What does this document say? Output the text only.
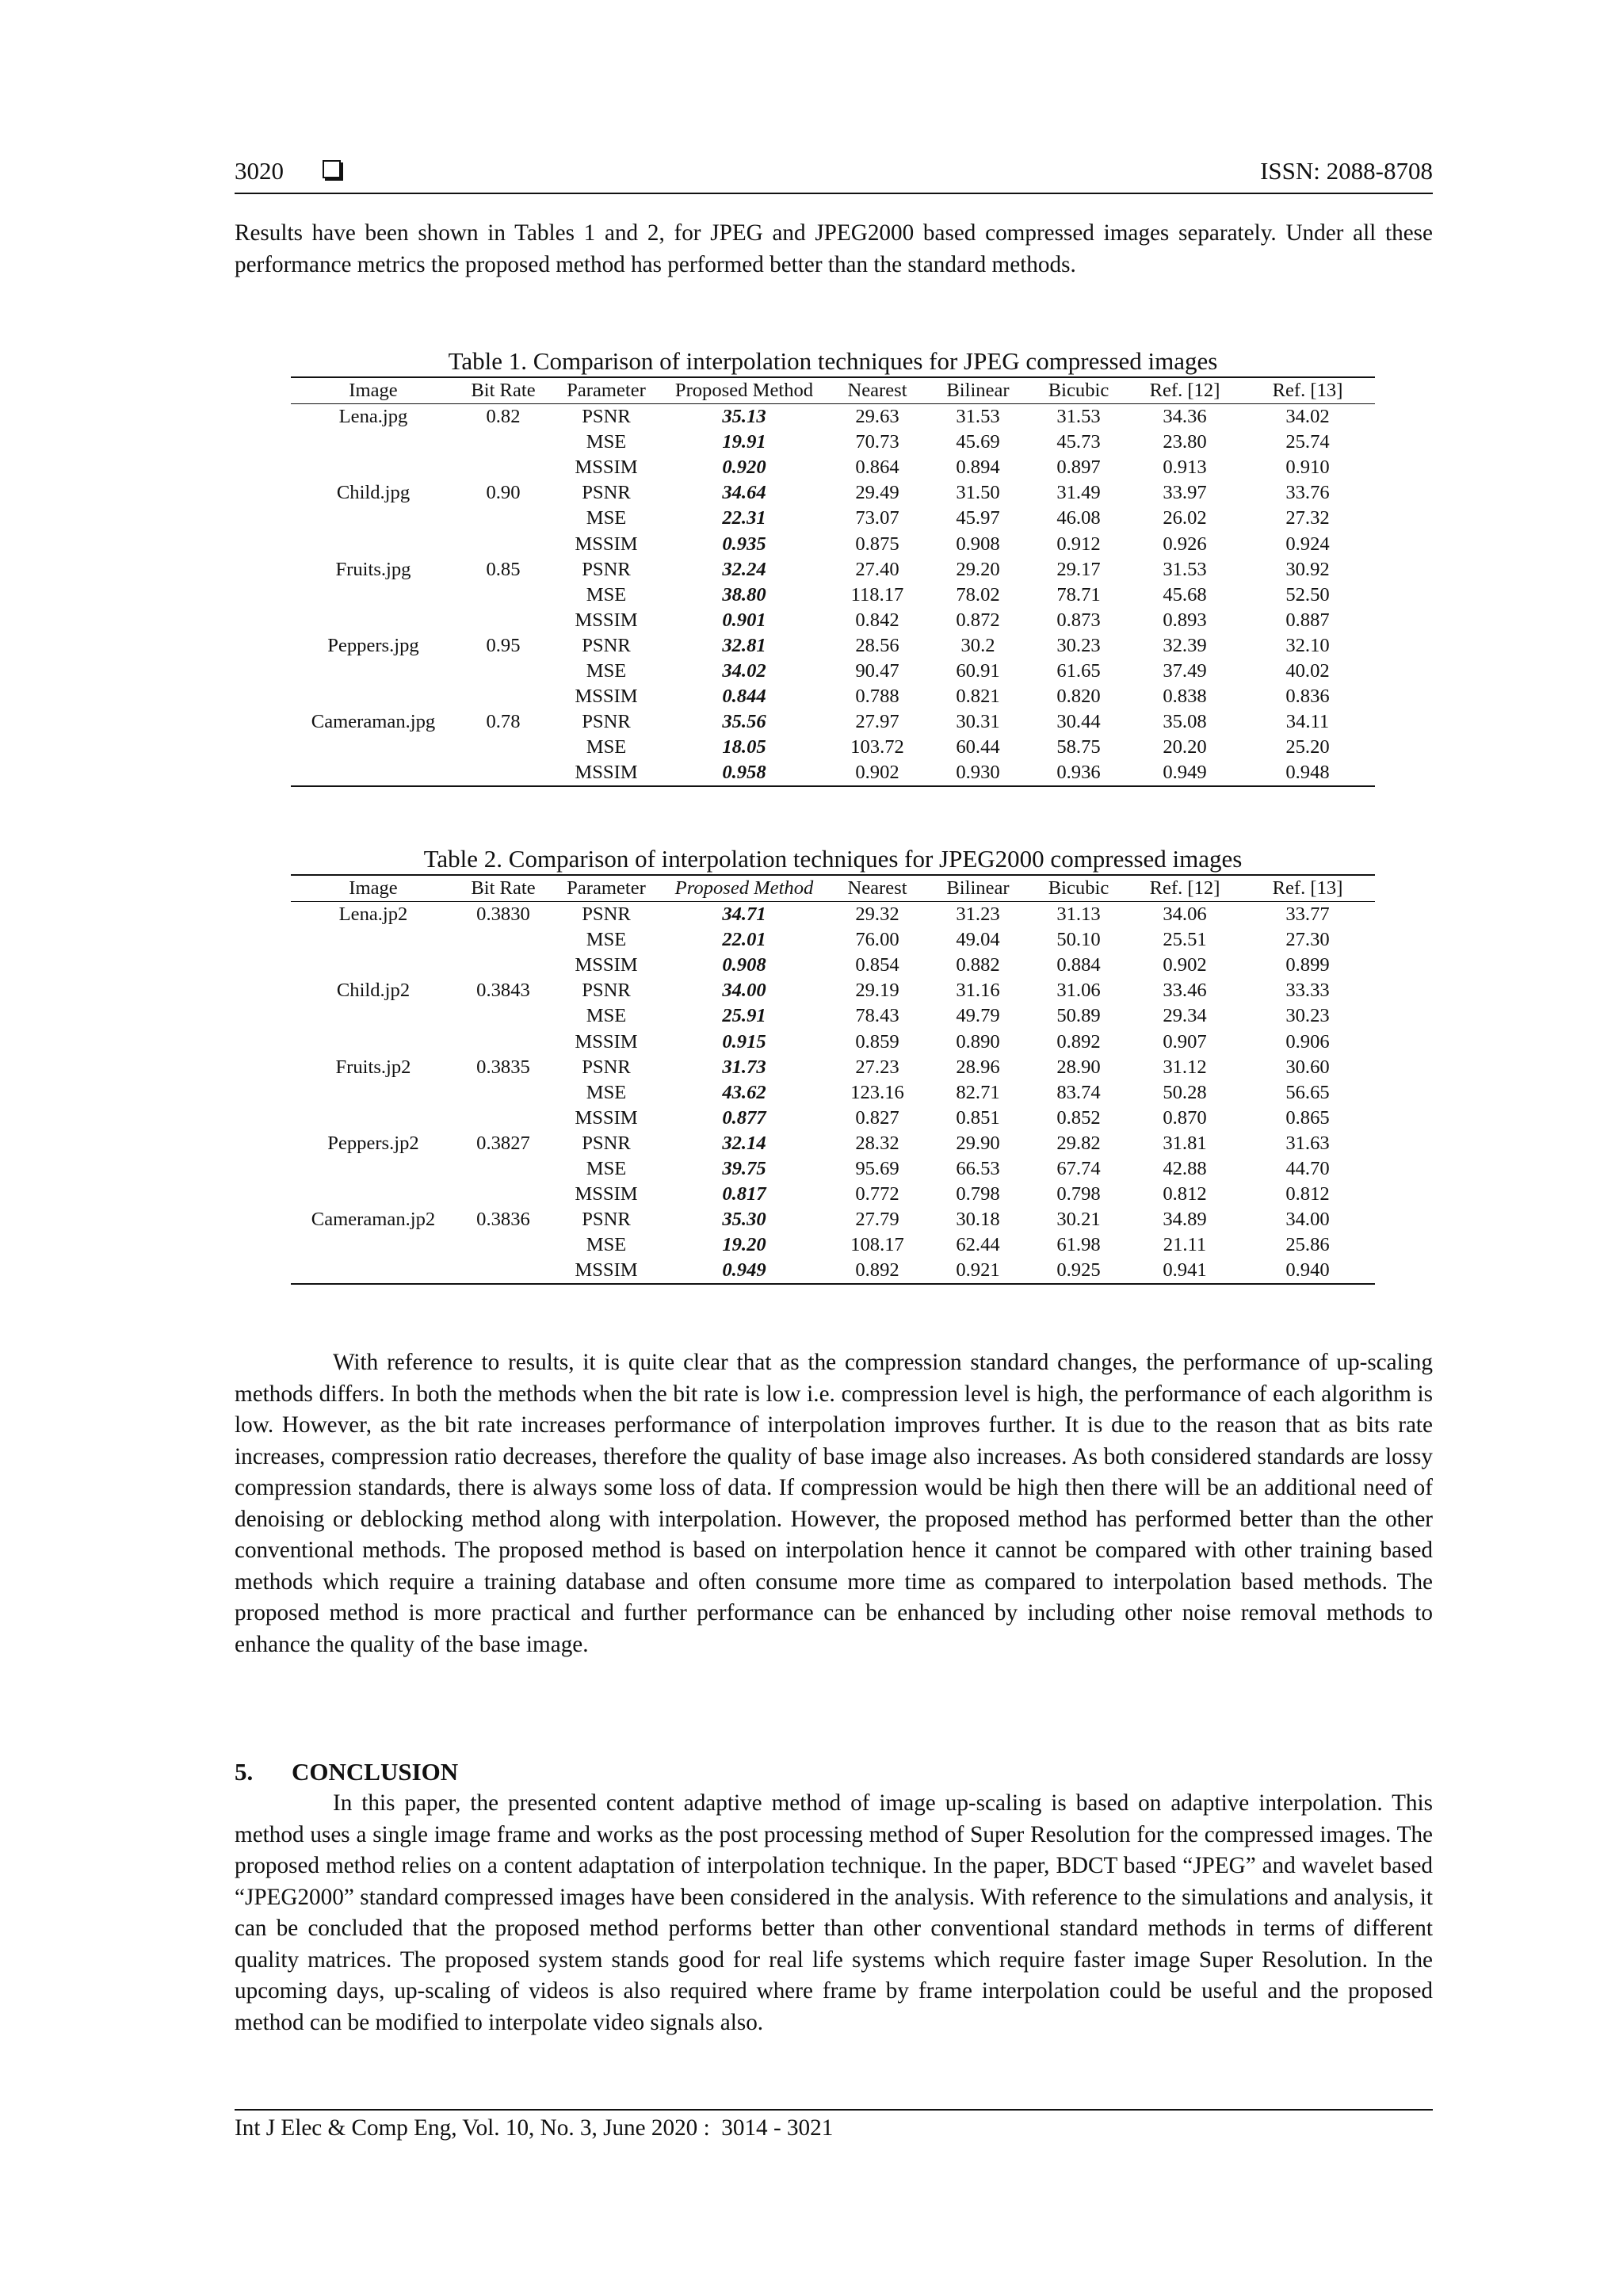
3020	ISSN: 2088-8708

Results have been shown in Tables 1 and 2, for JPEG and JPEG2000 based compressed images separately. Under all these performance metrics the proposed method has performed better than the standard methods.

Table 1. Comparison of interpolation techniques for JPEG compressed images
Image	Bit Rate	Parameter	Proposed Method	Nearest	Bilinear	Bicubic	Ref. [12]	Ref. [13]
Lena.jpg	0.82	PSNR	35.13	29.63	31.53	31.53	34.36	34.02
		MSE	19.91	70.73	45.69	45.73	23.80	25.74
		MSSIM	0.920	0.864	0.894	0.897	0.913	0.910
Child.jpg	0.90	PSNR	34.64	29.49	31.50	31.49	33.97	33.76
		MSE	22.31	73.07	45.97	46.08	26.02	27.32
		MSSIM	0.935	0.875	0.908	0.912	0.926	0.924
Fruits.jpg	0.85	PSNR	32.24	27.40	29.20	29.17	31.53	30.92
		MSE	38.80	118.17	78.02	78.71	45.68	52.50
		MSSIM	0.901	0.842	0.872	0.873	0.893	0.887
Peppers.jpg	0.95	PSNR	32.81	28.56	30.2	30.23	32.39	32.10
		MSE	34.02	90.47	60.91	61.65	37.49	40.02
		MSSIM	0.844	0.788	0.821	0.820	0.838	0.836
Cameraman.jpg	0.78	PSNR	35.56	27.97	30.31	30.44	35.08	34.11
		MSE	18.05	103.72	60.44	58.75	20.20	25.20
		MSSIM	0.958	0.902	0.930	0.936	0.949	0.948
Table 2. Comparison of interpolation techniques for JPEG2000 compressed images
Image	Bit Rate	Parameter	Proposed Method	Nearest	Bilinear	Bicubic	Ref. [12]	Ref. [13]
Lena.jp2	0.3830	PSNR	34.71	29.32	31.23	31.13	34.06	33.77
		MSE	22.01	76.00	49.04	50.10	25.51	27.30
		MSSIM	0.908	0.854	0.882	0.884	0.902	0.899
Child.jp2	0.3843	PSNR	34.00	29.19	31.16	31.06	33.46	33.33
		MSE	25.91	78.43	49.79	50.89	29.34	30.23
		MSSIM	0.915	0.859	0.890	0.892	0.907	0.906
Fruits.jp2	0.3835	PSNR	31.73	27.23	28.96	28.90	31.12	30.60
		MSE	43.62	123.16	82.71	83.74	50.28	56.65
		MSSIM	0.877	0.827	0.851	0.852	0.870	0.865
Peppers.jp2	0.3827	PSNR	32.14	28.32	29.90	29.82	31.81	31.63
		MSE	39.75	95.69	66.53	67.74	42.88	44.70
		MSSIM	0.817	0.772	0.798	0.798	0.812	0.812
Cameraman.jp2	0.3836	PSNR	35.30	27.79	30.18	30.21	34.89	34.00
		MSE	19.20	108.17	62.44	61.98	21.11	25.86
		MSSIM	0.949	0.892	0.921	0.925	0.941	0.940

With reference to results, it is quite clear that as the compression standard changes, the performance of up-scaling methods differs. In both the methods when the bit rate is low i.e. compression level is high, the performance of each algorithm is low. However, as the bit rate increases performance of interpolation improves further. It is due to the reason that as bits rate increases, compression ratio decreases, therefore the quality of base image also increases. As both considered standards are lossy compression standards, there is always some loss of data. If compression would be high then there will be an additional need of denoising or deblocking method along with interpolation. However, the proposed method has performed better than the other conventional methods. The proposed method is based on interpolation hence it cannot be compared with other training based methods which require a training database and often consume more time as compared to interpolation based methods. The proposed method is more practical and further performance can be enhanced by including other noise removal methods to enhance the quality of the base image.

5. CONCLUSION

In this paper, the presented content adaptive method of image up-scaling is based on adaptive interpolation. This method uses a single image frame and works as the post processing method of Super Resolution for the compressed images. The proposed method relies on a content adaptation of interpolation technique. In the paper, BDCT based “JPEG” and wavelet based “JPEG2000” standard compressed images have been considered in the analysis. With reference to the simulations and analysis, it can be concluded that the proposed method performs better than other conventional standard methods in terms of different quality matrices. The proposed system stands good for real life systems which require faster image Super Resolution. In the upcoming days, up-scaling of videos is also required where frame by frame interpolation could be useful and the proposed method can be modified to interpolate video signals also.

Int J Elec & Comp Eng, Vol. 10, No. 3, June 2020 :  3014 - 3021
